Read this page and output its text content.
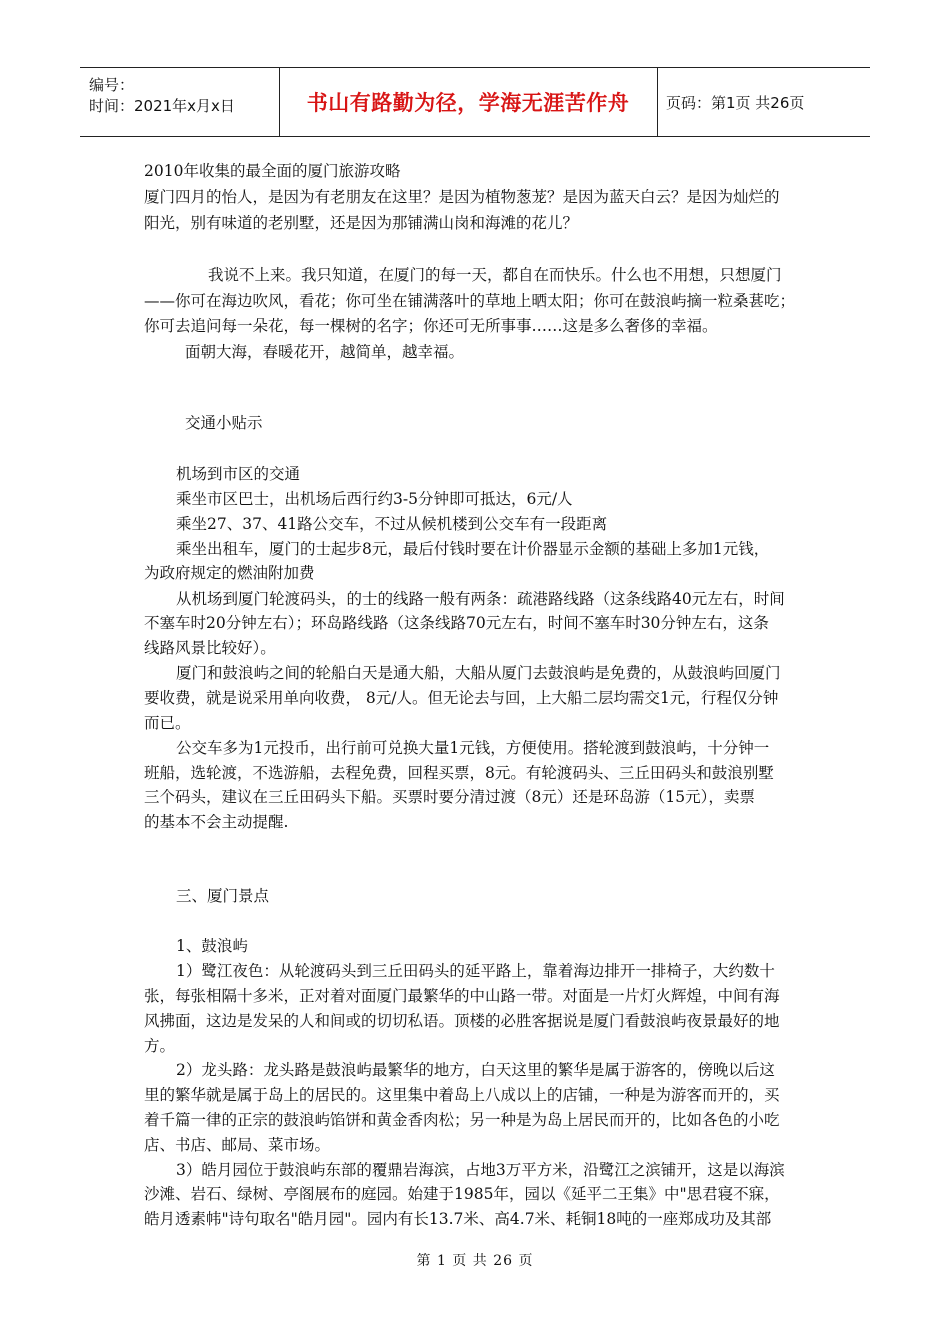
编号：
时间：2021年x月x日	书山有路勤为径，学海无涯苦作舟 页码：第1页 共26页
2010年收集的最全面的厦门旅游攻略
厦门四月的怡人，是因为有老朋友在这里？是因为植物葱茏？是因为蓝天白云？是因为灿烂的
阳光，别有味道的老别墅，还是因为那铺满山岗和海滩的花儿？
我说不上来。我只知道，在厦门的每一天，都自在而快乐。什么也不用想，只想厦门
——你可在海边吹风，看花；你可坐在铺满落叶的草地上晒太阳；你可在鼓浪屿摘一粒桑葚吃；
你可去追问每一朵花，每一棵树的名字；你还可无所事事……这是多么奢侈的幸福。
面朝大海，春暖花开，越简单，越幸福。
交通小贴示
机场到市区的交通
乘坐市区巴士，出机场后西行约3-5分钟即可抵达，6元/人
乘坐27、37、41路公交车，不过从候机楼到公交车有一段距离
乘坐出租车，厦门的士起步8元，最后付钱时要在计价器显示金额的基础上多加1元钱，
为政府规定的燃油附加费
从机场到厦门轮渡码头，的士的线路一般有两条：疏港路线路（这条线路40元左右，时间
不塞车时20分钟左右）；环岛路线路（这条线路70元左右，时间不塞车时30分钟左右，这条
线路风景比较好）。
厦门和鼓浪屿之间的轮船白天是通大船，大船从厦门去鼓浪屿是免费的，从鼓浪屿回厦门
要收费，就是说采用单向收费， 8元/人。但无论去与回，上大船二层均需交1元，行程仅分钟
而已。
公交车多为1元投币，出行前可兑换大量1元钱，方便使用。搭轮渡到鼓浪屿，十分钟一
班船，选轮渡，不选游船，去程免费，回程买票，8元。有轮渡码头、三丘田码头和鼓浪别墅
三个码头，建议在三丘田码头下船。买票时要分清过渡（8元）还是环岛游（15元），卖票
的基本不会主动提醒.
三、厦门景点
1、鼓浪屿
1）鹭江夜色：从轮渡码头到三丘田码头的延平路上，靠着海边排开一排椅子，大约数十
张，每张相隔十多米，正对着对面厦门最繁华的中山路一带。对面是一片灯火辉煌，中间有海
风拂面，这边是发呆的人和间或的切切私语。顶楼的必胜客据说是厦门看鼓浪屿夜景最好的地
方。
2）龙头路：龙头路是鼓浪屿最繁华的地方，白天这里的繁华是属于游客的，傍晚以后这
里的繁华就是属于岛上的居民的。这里集中着岛上八成以上的店铺，一种是为游客而开的，买
着千篇一律的正宗的鼓浪屿馅饼和黄金香肉松；另一种是为岛上居民而开的，比如各色的小吃
店、书店、邮局、菜市场。
3）皓月园位于鼓浪屿东部的覆鼎岩海滨，占地3万平方米，沿鹭江之滨铺开，这是以海滨
沙滩、岩石、绿树、亭阁展布的庭园。始建于1985年，园以《延平二王集》中"思君寝不寐，
皓月透素帏"诗句取名"皓月园"。园内有长13.7米、高4.7米、耗铜18吨的一座郑成功及其部
第 1 页 共 26 页
